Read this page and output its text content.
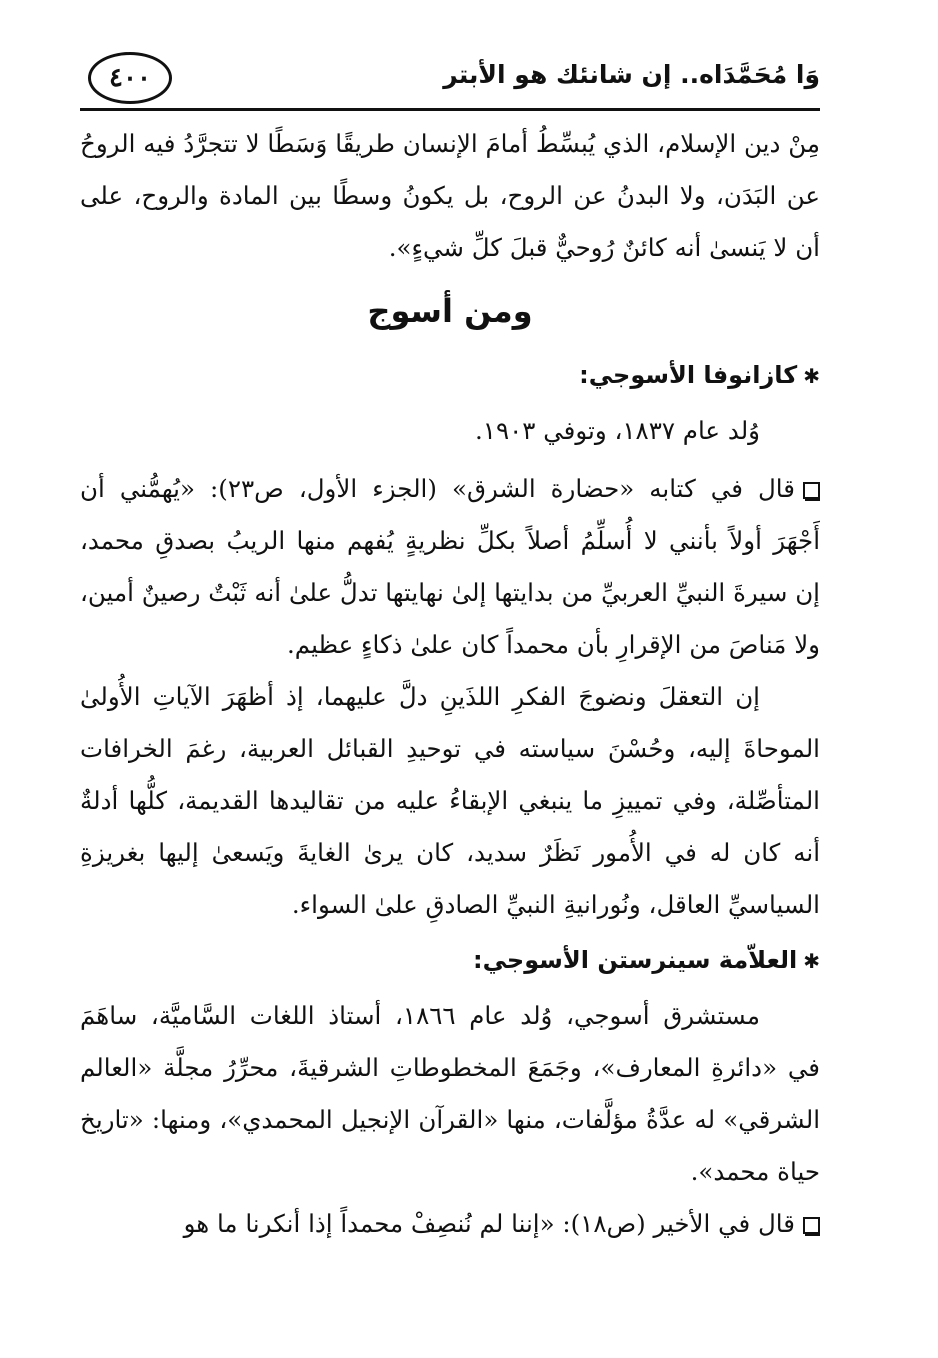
وَا مُحَمَّدَاه.. إن شانئك هو الأبتر
٤٠٠
مِنْ دين الإسلام، الذي يُبسِّطُ أمامَ الإنسان طريقًا وَسَطًا لا تتجرَّدُ فيه الروحُ
عن البَدَن، ولا البدنُ عن الروح، بل يكونُ وسطًا بين المادة والروح، على
أن لا يَنسىٰ أنه كائنٌ رُوحيٌّ قبلَ كلِّ شيءٍ».
ومن أسوج
✱كازانوفا الأسوجي:
وُلد عام ١٨٣٧، وتوفي ١٩٠٣.
قال في كتابه «حضارة الشرق» (الجزء الأول، ص٢٣): «يُهمُّني أن
أَجْهَرَ أولاً بأنني لا أُسلِّمُ أصلاً بكلِّ نظريةٍ يُفهم منها الريبُ بصدقِ محمد،
إن سيرةَ النبيِّ العربيِّ من بدايتها إلىٰ نهايتها تدلُّ علىٰ أنه ثَبْتٌ رصينٌ أمين،
ولا مَناصَ من الإقرارِ بأن محمداً كان علىٰ ذكاءٍ عظيم.
إن التعقلَ ونضوجَ الفكرِ اللذَينِ دلَّ عليهما، إذ أظهَرَ الآياتِ الأُولىٰ
الموحاةَ إليه، وحُسْنَ سياسته في توحيدِ القبائل العربية، رغمَ الخرافات
المتأصِّلة، وفي تمييزِ ما ينبغي الإبقاءُ عليه من تقاليدها القديمة، كلُّها أدلةٌ
أنه كان له في الأُمور نَظَرٌ سديد، كان يرىٰ الغايةَ ويَسعىٰ إليها بغريزةِ
السياسيِّ العاقل، ونُورانيةِ النبيِّ الصادقِ علىٰ السواء.
✱العلاّمة سينرستن الأسوجي:
مستشرق أسوجي، وُلد عام ١٨٦٦، أستاذ اللغات السَّاميَّة، ساهَمَ
في «دائرةِ المعارف»، وجَمَعَ المخطوطاتِ الشرقيةَ، محرِّرُ مجلَّة «العالم
الشرقي» له عدَّةُ مؤلَّفات، منها «القرآن الإنجيل المحمدي»، ومنها: «تاريخ
حياة محمد».
قال في الأخير (ص١٨): «إننا لم نُنصِفْ محمداً إذا أنكرنا ما هو
